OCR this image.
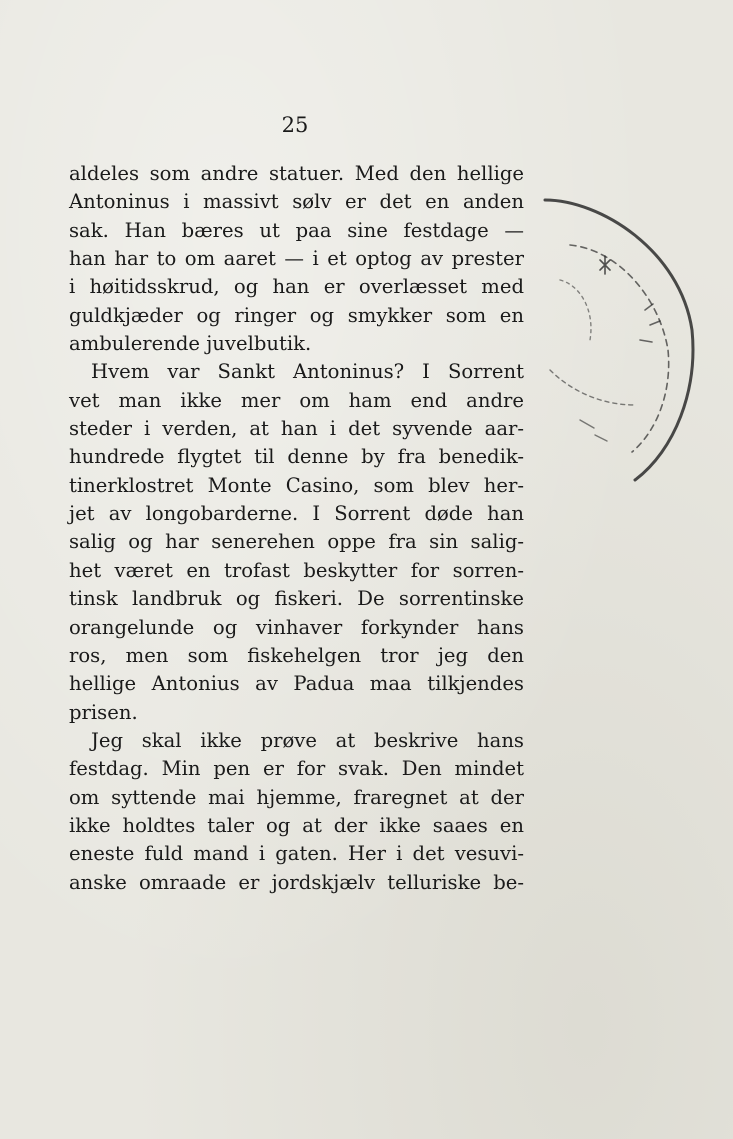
25
aldeles som andre statuer. Med den hellige
Antoninus i massivt sølv er det en anden
sak. Han bæres ut paa sine festdage —
han har to om aaret — i et optog av prester
i høitidsskrud, og han er overlæsset med
guldkjæder og ringer og smykker som en
ambulerende juvelbutik.
Hvem var Sankt Antoninus? I Sorrent
vet man ikke mer om ham end andre
steder i verden, at han i det syvende aar-
hundrede flygtet til denne by fra benedik-
tinerklostret Monte Casino, som blev her-
jet av longobarderne. I Sorrent døde han
salig og har senerehen oppe fra sin salig-
het været en trofast beskytter for sorren-
tinsk landbruk og fiskeri. De sorrentinske
orangelunde og vinhaver forkynder hans
ros, men som fiskehelgen tror jeg den
hellige Antonius av Padua maa tilkjendes
prisen.
Jeg skal ikke prøve at beskrive hans
festdag. Min pen er for svak. Den mindet
om syttende mai hjemme, fraregnet at der
ikke holdtes taler og at der ikke saaes en
eneste fuld mand i gaten. Her i det vesuvi-
anske omraade er jordskjælv telluriske be-
